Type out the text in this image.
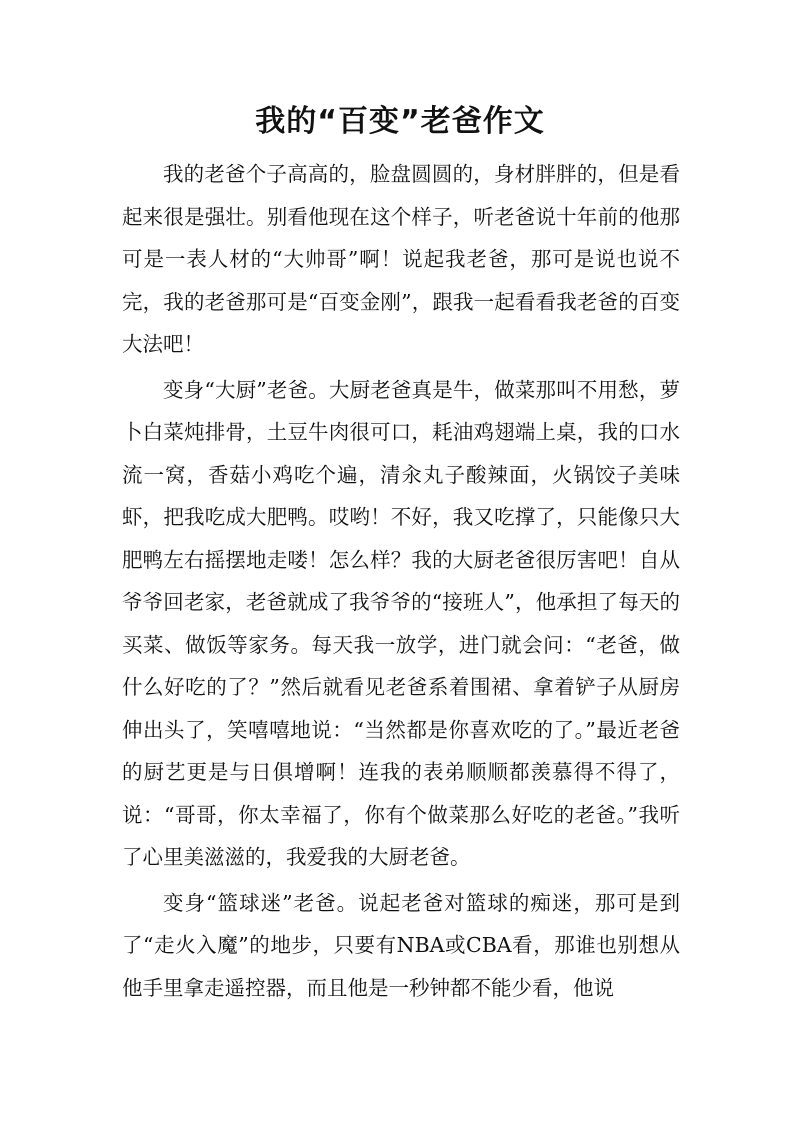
我的“百变”老爸作文

我的老爸个子高高的，脸盘圆圆的，身材胖胖的，但是看起来很是强壮。别看他现在这个样子，听老爸说十年前的他那可是一表人材的“大帅哥”啊！说起我老爸，那可是说也说不完，我的老爸那可是“百变金刚”，跟我一起看看我老爸的百变大法吧！

变身“大厨”老爸。大厨老爸真是牛，做菜那叫不用愁，萝卜白菜炖排骨，土豆牛肉很可口，耗油鸡翅端上桌，我的口水流一窝，香菇小鸡吃个遍，清汆丸子酸辣面，火锅饺子美味虾，把我吃成大肥鸭。哎哟！不好，我又吃撑了，只能像只大肥鸭左右摇摆地走喽！怎么样？我的大厨老爸很厉害吧！自从爷爷回老家，老爸就成了我爷爷的“接班人”，他承担了每天的买菜、做饭等家务。每天我一放学，进门就会问：“老爸，做什么好吃的了？”然后就看见老爸系着围裙、拿着铲子从厨房伸出头了，笑嘻嘻地说：“当然都是你喜欢吃的了。”最近老爸的厨艺更是与日俱增啊！连我的表弟顺顺都羡慕得不得了，说：“哥哥，你太幸福了，你有个做菜那么好吃的老爸。”我听了心里美滋滋的，我爱我的大厨老爸。

变身“篮球迷”老爸。说起老爸对篮球的痴迷，那可是到了“走火入魔”的地步，只要有NBA或CBA看，那谁也别想从他手里拿走遥控器，而且他是一秒钟都不能少看，他说
